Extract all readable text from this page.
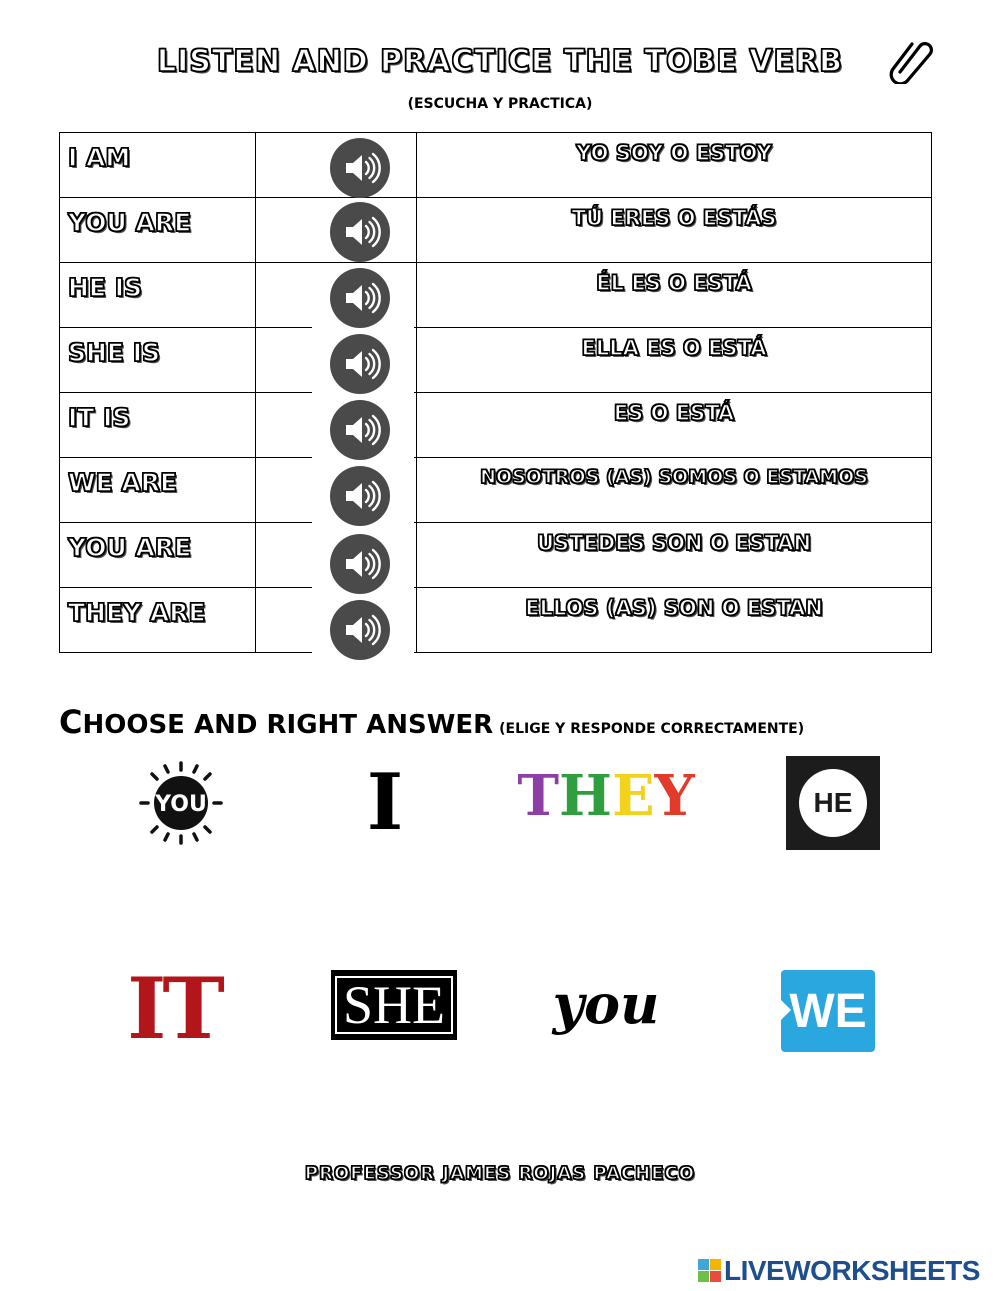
LISTEN AND PRACTICE THE TOBE VERB
(ESCUCHA Y PRACTICA)
I AM		YO SOY O ESTOY
YOU ARE		TÚ ERES O ESTÁS
HE IS		ÉL ES O ESTÁ
SHE IS		ELLA ES O ESTÁ
IT IS		ES O ESTÁ
WE ARE		NOSOTROS (AS) SOMOS O ESTAMOS
YOU ARE		USTEDES SON O ESTAN
THEY ARE		ELLOS (AS) SON O ESTAN
CHOOSE AND RIGHT ANSWER (ELIGE Y RESPONDE CORRECTAMENTE)
YOU I T H E Y	HE
IT SHE you	WE
PROFESSOR JAMES ROJAS PACHECO
LIVEWORKSHEETS
